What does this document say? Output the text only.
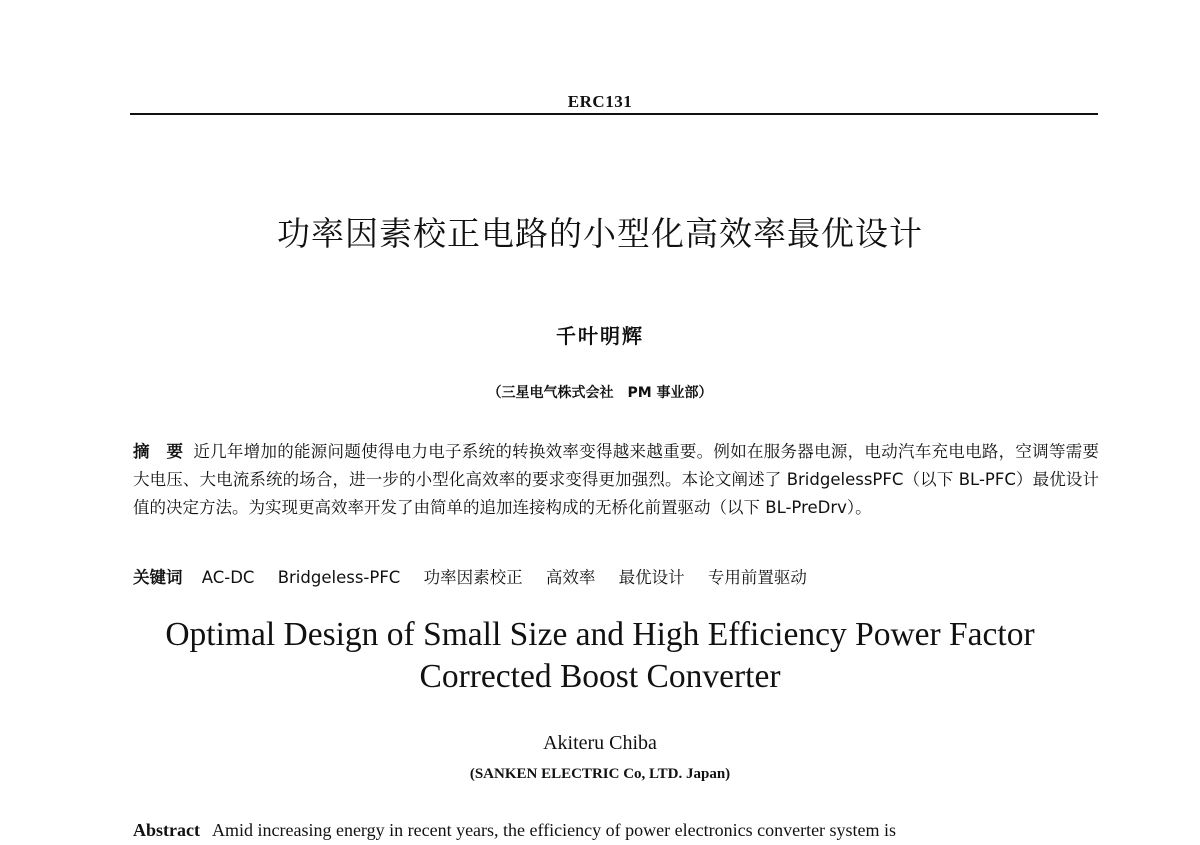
ERC131
功率因素校正电路的小型化高效率最优设计
千叶明辉
（三星电气株式会社　PM 事业部）
摘　要 近几年增加的能源问题使得电力电子系统的转换效率变得越来越重要。例如在服务器电源，电动汽车充电电路，空调等需要大电压、大电流系统的场合，进一步的小型化高效率的要求变得更加强烈。本论文阐述了 BridgelessPFC（以下 BL-PFC）最优设计值的决定方法。为实现更高效率开发了由简单的追加连接构成的无桥化前置驱动（以下 BL-PreDrv）。
关键词 AC-DC Bridgeless-PFC 功率因素校正 高效率 最优设计 专用前置驱动
Optimal Design of Small Size and High Efficiency Power Factor
Corrected Boost Converter
Akiteru Chiba
(SANKEN ELECTRIC Co, LTD. Japan)
Abstract Amid increasing energy in recent years, the efficiency of power electronics converter system is
